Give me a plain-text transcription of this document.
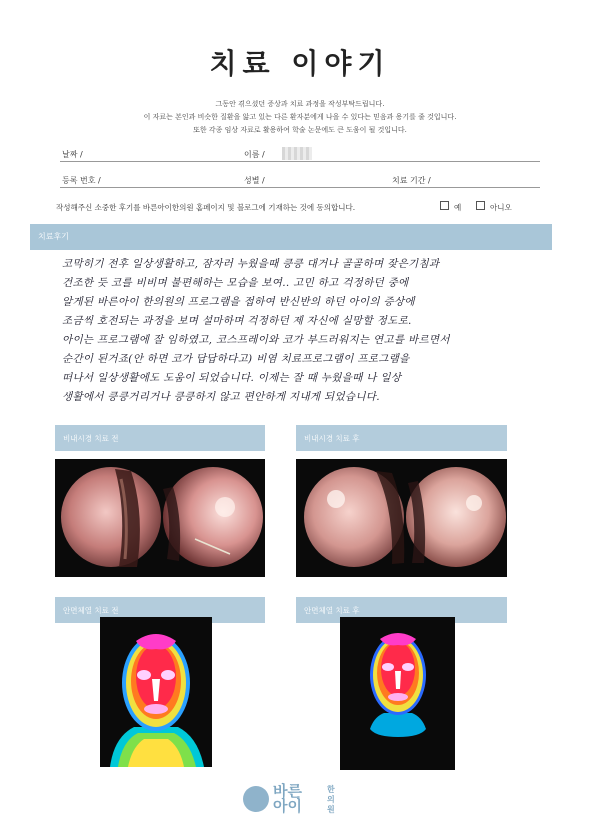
치료 이야기
그동안 겪으셨던 증상과 치료 과정을 작성부탁드립니다.
이 자료는 본인과 비슷한 질환을 앓고 있는 다른 환자분에게 나을 수 있다는 믿음과 용기를 줄 것입니다.
또한 각종 임상 자료로 활용하여 학술 논문에도 큰 도움이 될 것입니다.
날짜 /	이름 /
등록 번호 /	성별 /	치료 기간 /
작성해주신 소중한 후기를 바른아이한의원 홈페이지 및 블로그에 기재하는 것에 동의합니다.	예	아니오
치료후기
코막히기 전후 일상생활하고, 잠자러 누웠을때 킁킁 대거나 골골하며 잦은기침과
건조한 듯 코를 비비며 불편해하는 모습을 보여.. 고민 하고 걱정하던 중에
알게된 바른아이 한의원의 프로그램을 접하여 반신반의 하던 아이의 증상에
조금씩 호전되는 과정을 보며 설마하며 걱정하던 제 자신에 실망할 정도로.
아이는 프로그램에 잘 임하였고, 코스프레이와 코가 부드러워지는 연고를 바르면서
순간이 된거죠(안 하면 코가 답답하다고) 비염 치료프로그램이 프로그램을
떠나서 일상생활에도 도움이 되었습니다. 이제는 잘 때 누웠을때 나 일상
생활에서 킁킁거리거나 킁킁하지 않고 편안하게 지내게 되었습니다.
비내시경 치료 전	비내시경 치료 후
안면체열 치료 전	안면체열 치료 후
바른
아이
한
의
원
